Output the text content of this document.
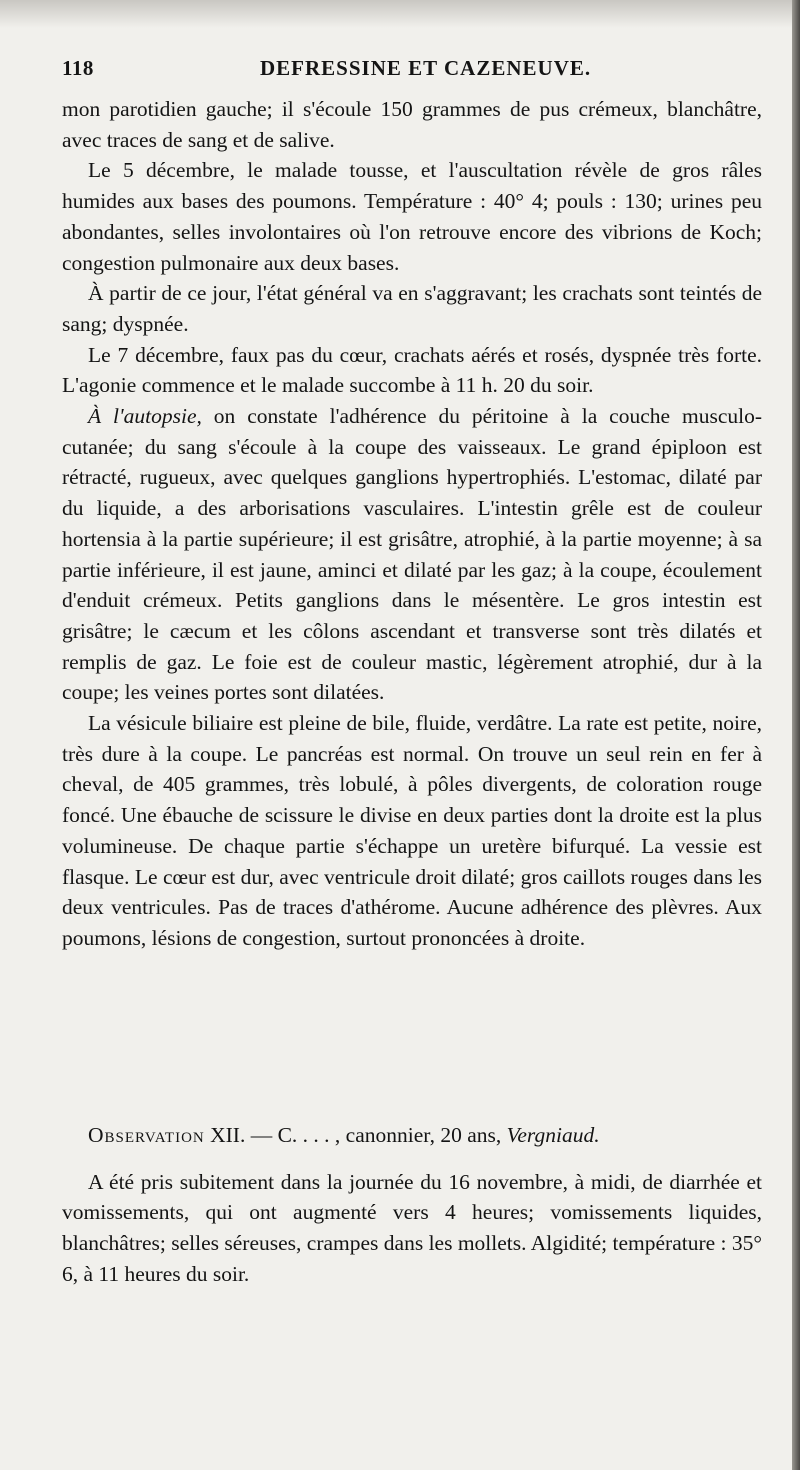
118	DEFRESSINE ET CAZENEUVE.

mon parotidien gauche; il s'écoule 150 grammes de pus crémeux, blanchâtre, avec traces de sang et de salive.

Le 5 décembre, le malade tousse, et l'auscultation révèle de gros râles humides aux bases des poumons. Température : 40° 4; pouls : 130; urines peu abondantes, selles involontaires où l'on retrouve encore des vibrions de Koch; congestion pulmonaire aux deux bases.

À partir de ce jour, l'état général va en s'aggravant; les crachats sont teintés de sang; dyspnée.

Le 7 décembre, faux pas du cœur, crachats aérés et rosés, dyspnée très forte. L'agonie commence et le malade succombe à 11 h. 20 du soir.

À l'autopsie, on constate l'adhérence du péritoine à la couche musculo-cutanée; du sang s'écoule à la coupe des vaisseaux. Le grand épiploon est rétracté, rugueux, avec quelques ganglions hypertrophiés. L'estomac, dilaté par du liquide, a des arborisations vasculaires. L'intestin grêle est de couleur hortensia à la partie supérieure; il est grisâtre, atrophié, à la partie moyenne; à sa partie inférieure, il est jaune, aminci et dilaté par les gaz; à la coupe, écoulement d'enduit crémeux. Petits ganglions dans le mésentère. Le gros intestin est grisâtre; le cæcum et les côlons ascendant et transverse sont très dilatés et remplis de gaz. Le foie est de couleur mastic, légèrement atrophié, dur à la coupe; les veines portes sont dilatées.

La vésicule biliaire est pleine de bile, fluide, verdâtre. La rate est petite, noire, très dure à la coupe. Le pancréas est normal. On trouve un seul rein en fer à cheval, de 405 grammes, très lobulé, à pôles divergents, de coloration rouge foncé. Une ébauche de scissure le divise en deux parties dont la droite est la plus volumineuse. De chaque partie s'échappe un uretère bifurqué. La vessie est flasque. Le cœur est dur, avec ventricule droit dilaté; gros caillots rouges dans les deux ventricules. Pas de traces d'athérome. Aucune adhérence des plèvres. Aux poumons, lésions de congestion, surtout prononcées à droite.

Observation XII. — C. . . . , canonnier, 20 ans, Vergniaud.

A été pris subitement dans la journée du 16 novembre, à midi, de diarrhée et vomissements, qui ont augmenté vers 4 heures; vomissements liquides, blanchâtres; selles séreuses, crampes dans les mollets. Algidité; température : 35° 6, à 11 heures du soir.
